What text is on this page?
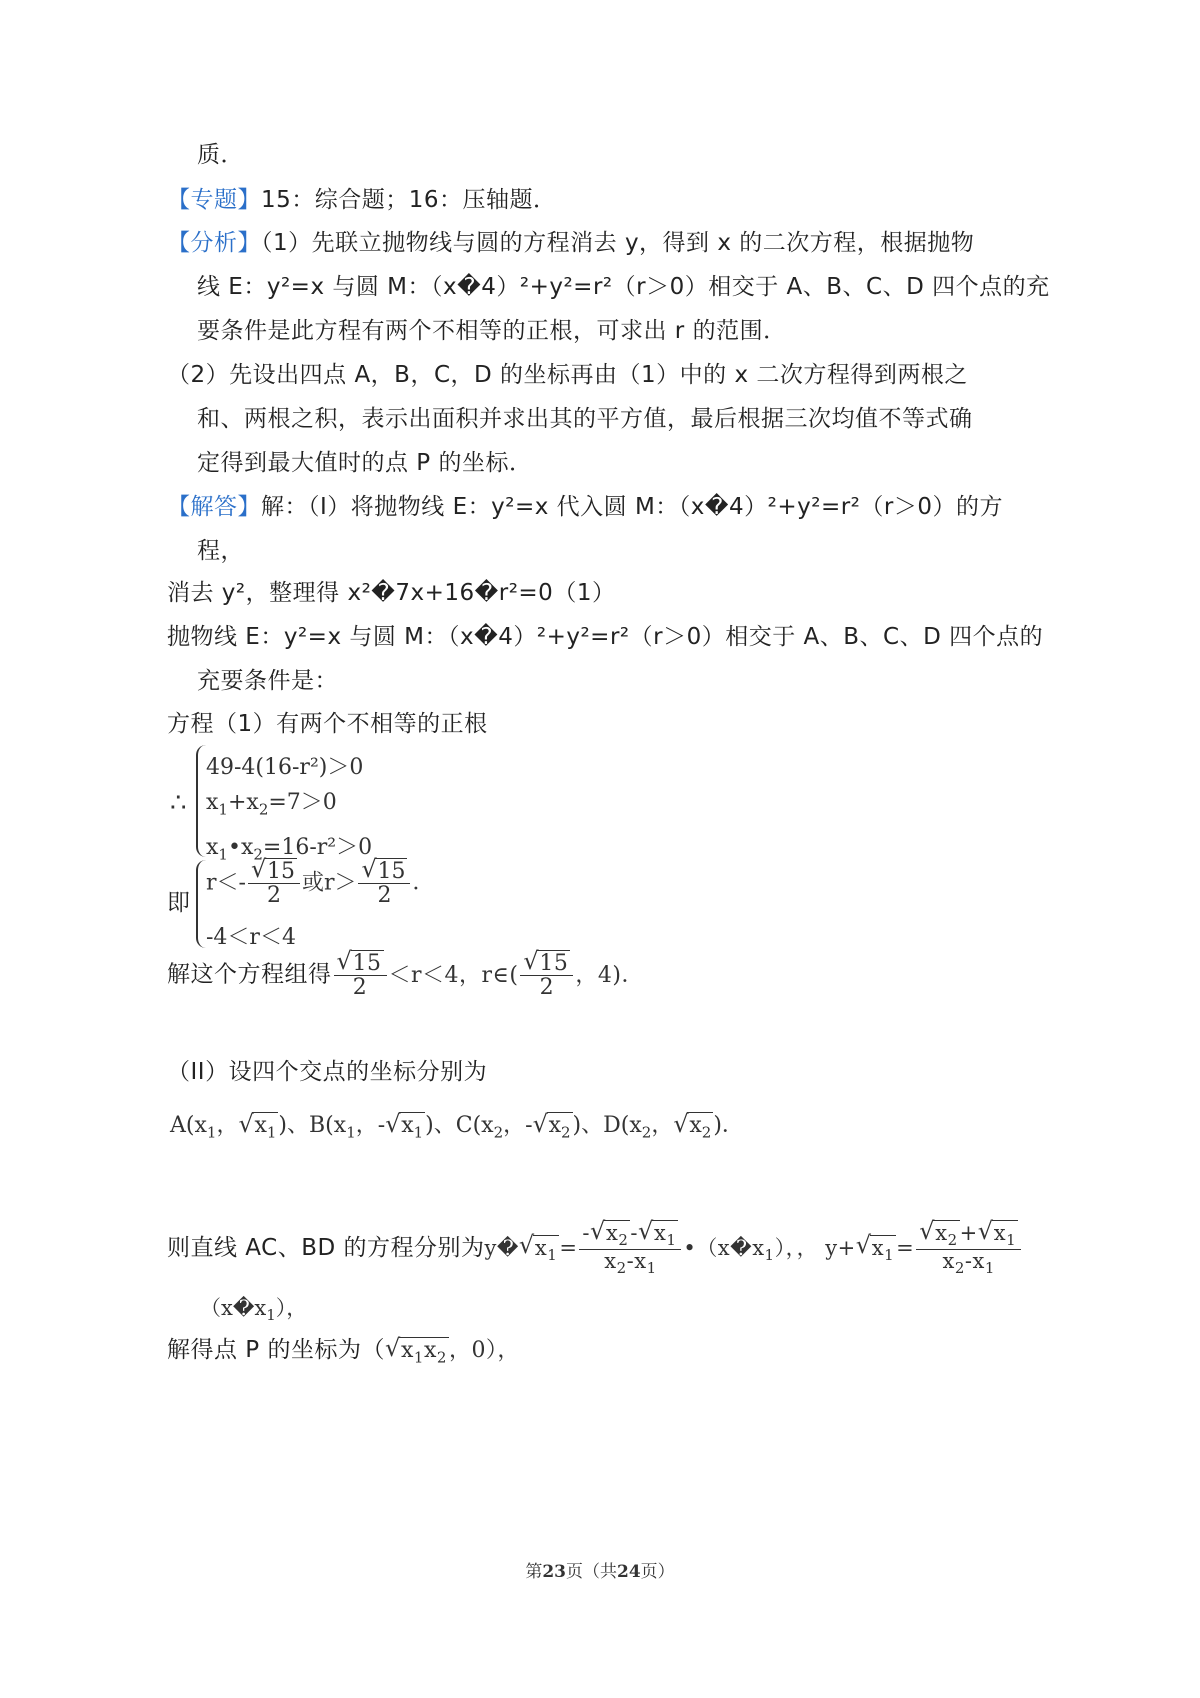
质．
【专题】15：综合题；16：压轴题．
【分析】（1）先联立抛物线与圆的方程消去 y，得到 x 的二次方程，根据抛物
线 E：y²=x 与圆 M：（x﻿�4）²+y²=r²（r＞0）相交于 A、B、C、D 四个点的充
要条件是此方程有两个不相等的正根，可求出 r 的范围．
（2）先设出四点 A，B，C，D 的坐标再由（1）中的 x 二次方程得到两根之
和、两根之积，表示出面积并求出其的平方值，最后根据三次均值不等式确
定得到最大值时的点 P 的坐标．
【解答】解：（Ⅰ）将抛物线 E：y²=x 代入圆 M：（x﻿�4）²+y²=r²（r＞0）的方
程，
消去 y²，整理得 x²﻿�7x+16﻿�r²=0（1）
抛物线 E：y²=x 与圆 M：（x﻿�4）²+y²=r²（r＞0）相交于 A、B、C、D 四个点的
充要条件是：
方程（1）有两个不相等的正根
∴
49-4(16-r²)＞0
$x_1+x_2=7>0$
$x_1•x_2=16-r^2>0$
即
r＜- √ $\frac{15}{2}$ 或r＞ √ $\frac{15}{2}$ ．
-4＜r＜4
解这个方程组得 √ $\frac{15}{2} <r<4$，r∈( √ $\frac{15}{2}$ ，4)．
（II）设四个交点的坐标分别为
$A(x_1$， √ $x_1$)、$B(x_1$，- √ $x_1$)、$C(x_2$，- √ $x_2$)、$D(x_2$， √ $x_2$)．
则直线 AC、BD 的方程分别为y﻿� √ $x_1= \frac{- √ x_2- √ x_1}{x_2-x_1}$ $•(x﻿�x_1)$，， y+ √ $x_1=$ √ $\frac{x_2+ √ x_1}{x_2-x_1}$
$(x﻿�x_1)$，
解得点 P 的坐标为（ √ $x_1x_2$，0），
第23页（共24页）
